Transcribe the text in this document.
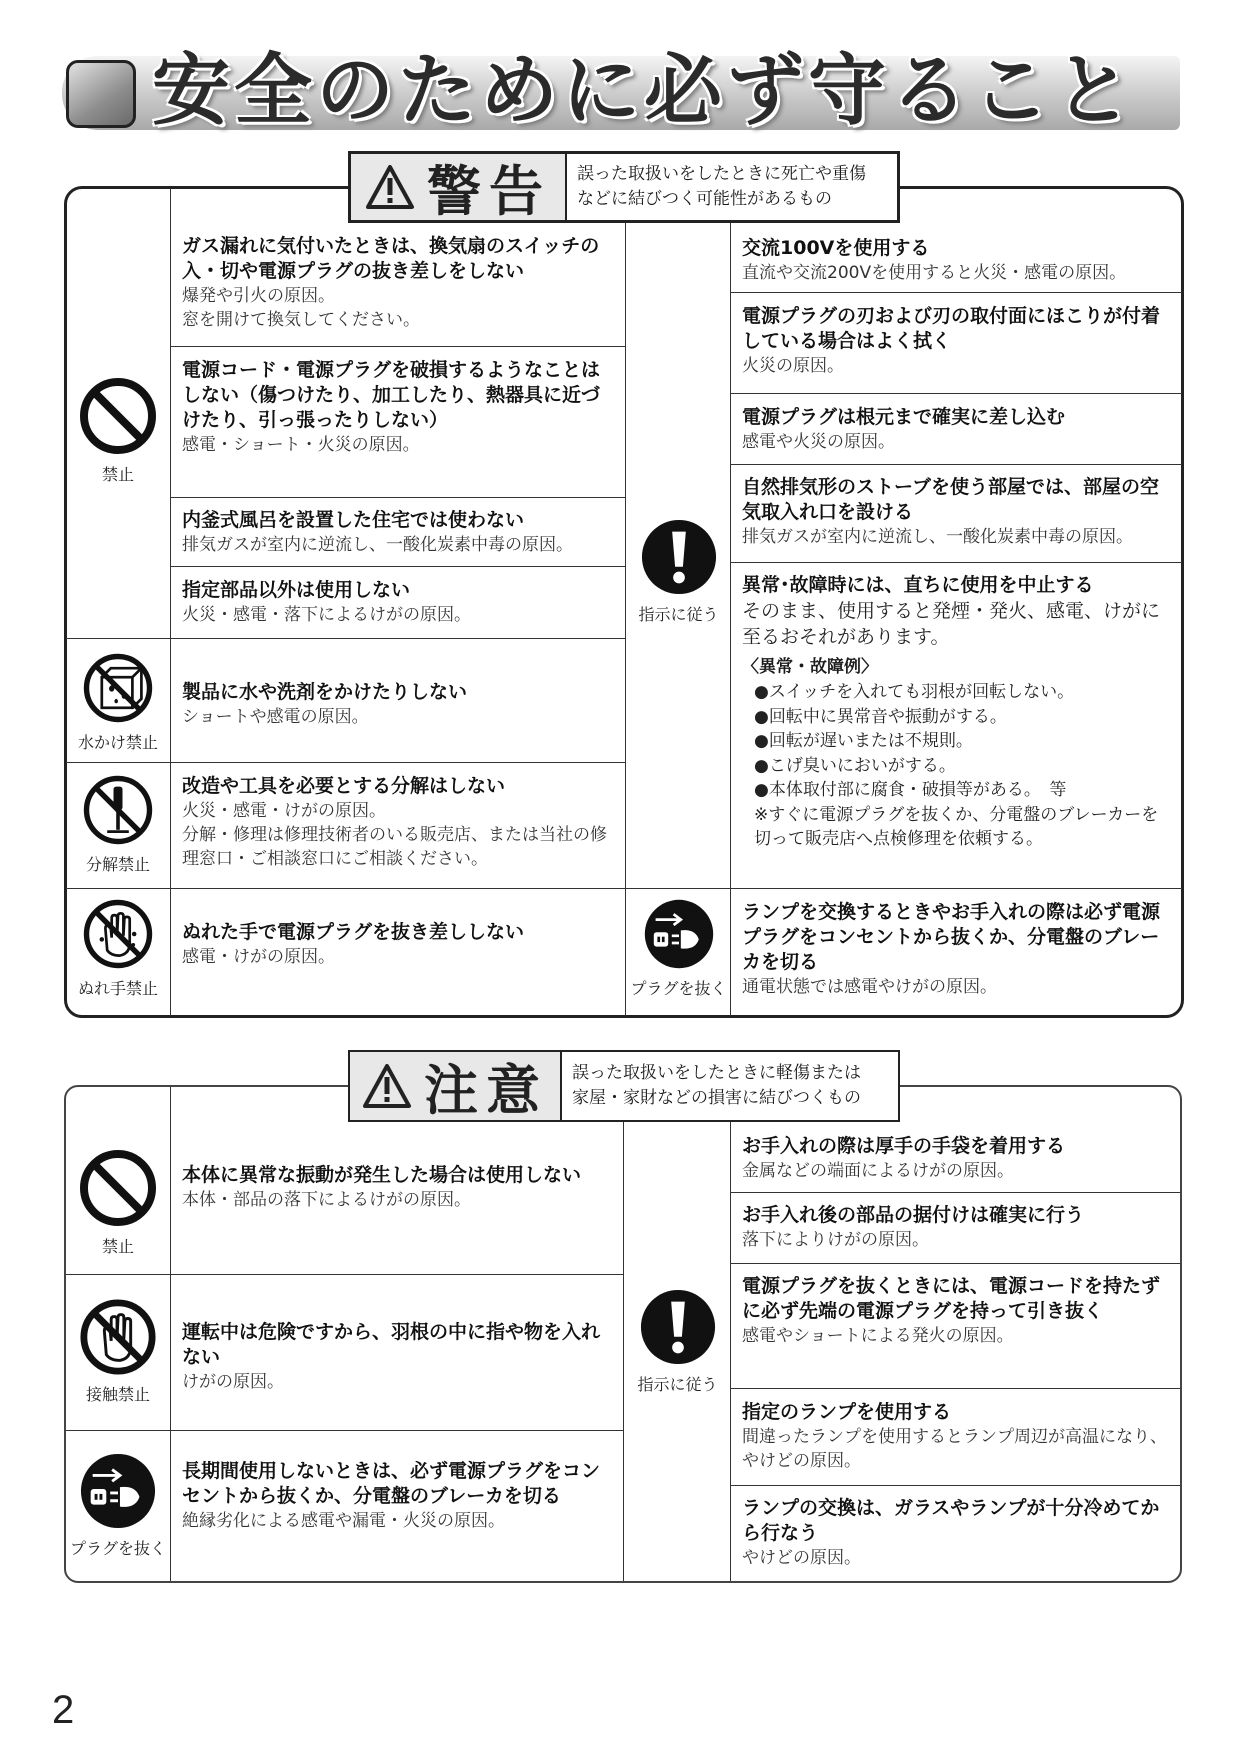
安全のために必ず守ること
警告 誤った取扱いをしたときに死亡や重傷
などに結びつく可能性があるもの
禁止
水かけ禁止
分解禁止
ぬれ手禁止
指示に従う
プラグを抜く
ガス漏れに気付いたときは、換気扇のスイッチの入・切や電源プラグの抜き差しをしない
爆発や引火の原因。
窓を開けて換気してください。
電源コード・電源プラグを破損するようなことはしない（傷つけたり、加工したり、熱器具に近づけたり、引っ張ったりしない）
感電・ショート・火災の原因。
内釜式風呂を設置した住宅では使わない
排気ガスが室内に逆流し、一酸化炭素中毒の原因。
指定部品以外は使用しない
火災・感電・落下によるけがの原因。
製品に水や洗剤をかけたりしない
ショートや感電の原因。
改造や工具を必要とする分解はしない
火災・感電・けがの原因。
分解・修理は修理技術者のいる販売店、または当社の修理窓口・ご相談窓口にご相談ください。
ぬれた手で電源プラグを抜き差ししない
感電・けがの原因。
交流100Vを使用する
直流や交流200Vを使用すると火災・感電の原因。
電源プラグの刃および刃の取付面にほこりが付着している場合はよく拭く
火災の原因。
電源プラグは根元まで確実に差し込む
感電や火災の原因。
自然排気形のストーブを使う部屋では、部屋の空気取入れ口を設ける
排気ガスが室内に逆流し、一酸化炭素中毒の原因。
異常･故障時には、直ちに使用を中止する
そのまま、使用すると発煙・発火、感電、けがに至るおそれがあります。
〈異常・故障例〉
●スイッチを入れても羽根が回転しない。
●回転中に異常音や振動がする。
●回転が遅いまたは不規則。
●こげ臭いにおいがする。
●本体取付部に腐食・破損等がある。　等
※すぐに電源プラグを抜くか、分電盤のブレーカーを切って販売店へ点検修理を依頼する。
ランプを交換するときやお手入れの際は必ず電源プラグをコンセントから抜くか、分電盤のブレーカを切る
通電状態では感電やけがの原因。
注意 誤った取扱いをしたときに軽傷または
家屋・家財などの損害に結びつくもの
禁止
接触禁止
プラグを抜く
指示に従う
本体に異常な振動が発生した場合は使用しない
本体・部品の落下によるけがの原因。
運転中は危険ですから、羽根の中に指や物を入れない
けがの原因。
長期間使用しないときは、必ず電源プラグをコンセントから抜くか、分電盤のブレーカを切る
絶縁劣化による感電や漏電・火災の原因。
お手入れの際は厚手の手袋を着用する
金属などの端面によるけがの原因。
お手入れ後の部品の据付けは確実に行う
落下によりけがの原因。
電源プラグを抜くときには、電源コードを持たずに必ず先端の電源プラグを持って引き抜く
感電やショートによる発火の原因。
指定のランプを使用する
間違ったランプを使用するとランプ周辺が高温になり、やけどの原因。
ランプの交換は、ガラスやランプが十分冷めてから行なう
やけどの原因。
2
